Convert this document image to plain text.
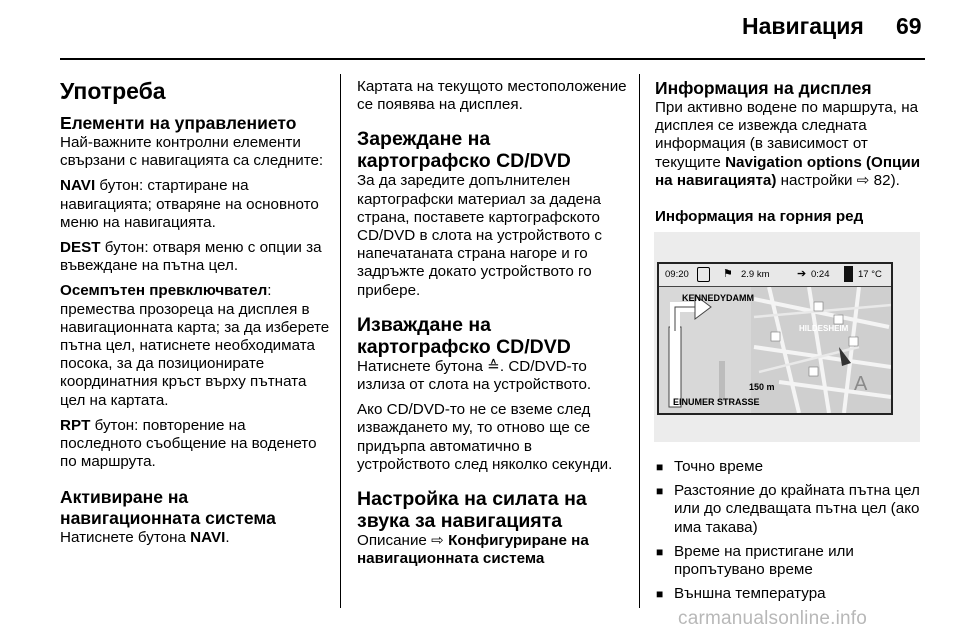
Навигация 69
Употреба
Елементи на управлението

Най-важните контролни елементи свързани с навигацията са следните:

NAVI бутон: стартиране на навигацията; отваряне на основното меню на навигацията.

DEST бутон: отваря меню с опции за въвеждане на пътна цел.

Осемпътен превключвател: премества прозореца на дисплея в навигационната карта; за да изберете пътна цел, натиснете необходимата посока, за да позиционирате координатния кръст върху пътната цел на картата.

RPT бутон: повторение на последното съобщение на воденето по маршрута.

Активиране на навигационната система

Натиснете бутона NAVI.

Картата на текущото местоположение се появява на дисплея.

Зареждане на картографско CD/DVD

За да заредите допълнителен картографски материал за дадена страна, поставете картографското CD/DVD в слота на устройството с напечатаната страна нагоре и го задръжте докато устройството го прибере.

Изваждане на картографско CD/DVD

Натиснете бутона ≙. CD/DVD-то излиза от слота на устройството.

Ако CD/DVD-то не се вземе след изваждането му, то отново ще се придърпа автоматично в устройството след няколко секунди.

Настройка на силата на звука за навигацията

Описание ⇨ Конфигуриране на навигационната система

Информация на дисплея

При активно водене по маршрута, на дисплея се извежда следната информация (в зависимост от текущите Navigation options (Опции на навигацията) настройки ⇨ 82).

Информация на горния ред
09:20	⚑ 2.9 km ➔ 0:24	17 °C
A
KENNEDYDAMM
HILDESHEIM
150 m
EINUMER STRASSE
■ Точно време
■ Разстояние до крайната пътна цел или до следващата пътна цел (ако има такава)
■ Време на пристигане или пропътувано време
■ Външна температура
carmanualsonline.info
